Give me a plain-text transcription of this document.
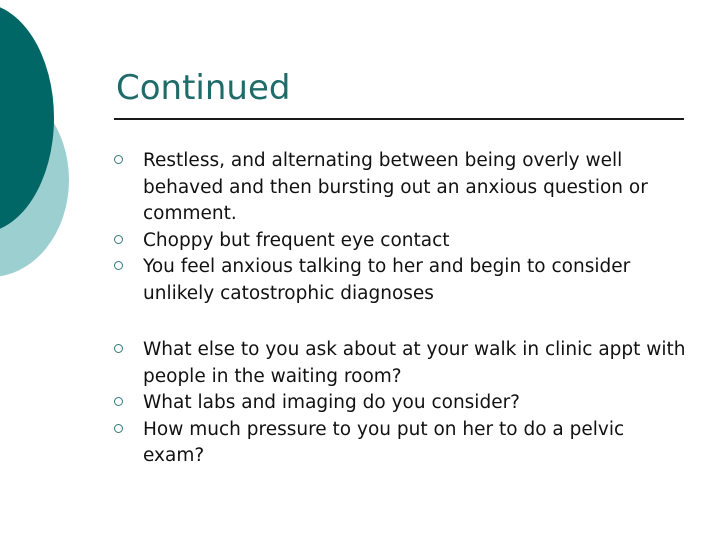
Continued
Restless, and alternating between being overly well behaved and then bursting out an anxious question or comment.
Choppy but frequent eye contact
You feel anxious talking to her and begin to consider unlikely catostrophic diagnoses
What else to you ask about at your walk in clinic appt with people in the waiting room?
What labs and imaging do you consider?
How much pressure to you put on her to do a pelvic exam?
